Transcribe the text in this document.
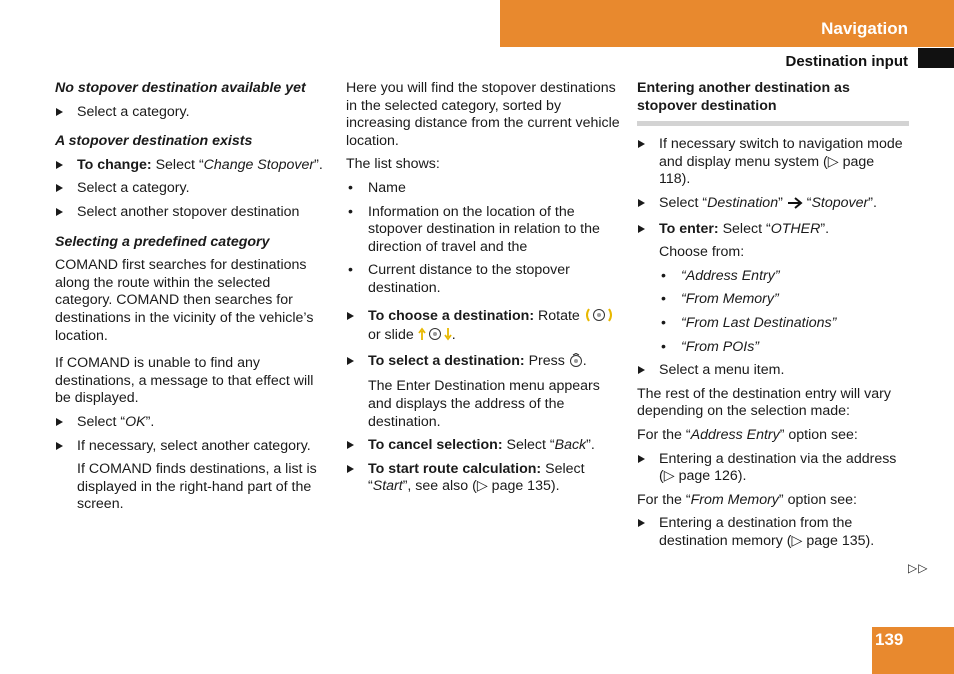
Navigation
Destination input
No stopover destination available yet
Select a category.
A stopover destination exists
To change: Select “Change Stopover”.
Select a category.
Select another stopover destination
Selecting a predefined category

COMAND first searches for destinations along the route within the selected category. COMAND then searches for destinations in the vicinity of the vehicle’s location.

If COMAND is unable to find any destinations, a message to that effect will be displayed.

Select “OK”.
If necessary, select another category.

If COMAND finds destinations, a list is displayed in the right-hand part of the screen.

Here you will find the stopover destinations in the selected category, sorted by increasing distance from the current vehicle location.

The list shows:

• Name
• Information on the location of the stopover destination in relation to the direction of travel and the
• Current distance to the stopover destination.
To choose a destination: Rotate  or slide .
To select a destination: Press .

The Enter Destination menu appears and displays the address of the destination.

To cancel selection: Select “Back”.
To start route calculation: Select “Start”, see also (▷ page 135).
Entering another destination as stopover destination
If necessary switch to navigation mode and display menu system (▷ page 118).
Select “Destination”  “Stopover”.
To enter: Select “OTHER”.

Choose from:

• “Address Entry”
• “From Memory”
• “From Last Destinations”
• “From POIs”
Select a menu item.

The rest of the destination entry will vary depending on the selection made:

For the “Address Entry” option see:

Entering a destination via the address (▷ page 126).

For the “From Memory” option see:

Entering a destination from the destination memory (▷ page 135).
▷▷
139
